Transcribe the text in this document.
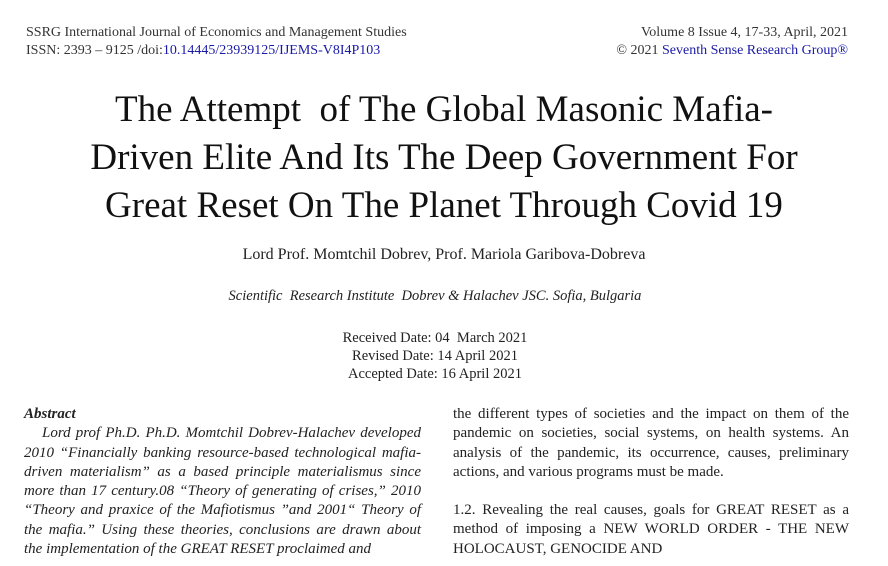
SSRG International Journal of Economics and Management Studies
ISSN: 2393 – 9125 /doi:10.14445/23939125/IJEMS-V8I4P103
Volume 8 Issue 4, 17-33, April, 2021
© 2021 Seventh Sense Research Group®
The Attempt  of The Global Masonic Mafia-
Driven Elite And Its The Deep Government For
Great Reset On The Planet Through Covid 19
Lord Prof. Momtchil Dobrev, Prof. Mariola Garibova-Dobreva
Scientific  Research Institute  Dobrev & Halachev JSC. Sofia, Bulgaria
Received Date: 04  March 2021
Revised Date: 14 April 2021
Accepted Date: 16 April 2021
Abstract
Lord prof Ph.D. Ph.D. Momtchil Dobrev-Halachev developed 2010 “Financially banking resource-based technological mafia-driven materialism” as a based principle materialismus since more than 17 century.08 “Theory of generating of crises,” 2010 “Theory and praxice of the Mafiotismus ”and 2001“ Theory of the mafia.” Using these theories, conclusions are drawn about the implementation of the GREAT RESET proclaimed and

the different types of societies and the impact on them of the pandemic on societies, social systems, on health systems. An analysis of the pandemic, its occurrence, causes, preliminary actions, and various programs must be made.

1.2. Revealing the real causes, goals for GREAT RESET as a method of imposing a NEW WORLD ORDER - THE NEW HOLOCAUST, GENOCIDE AND
